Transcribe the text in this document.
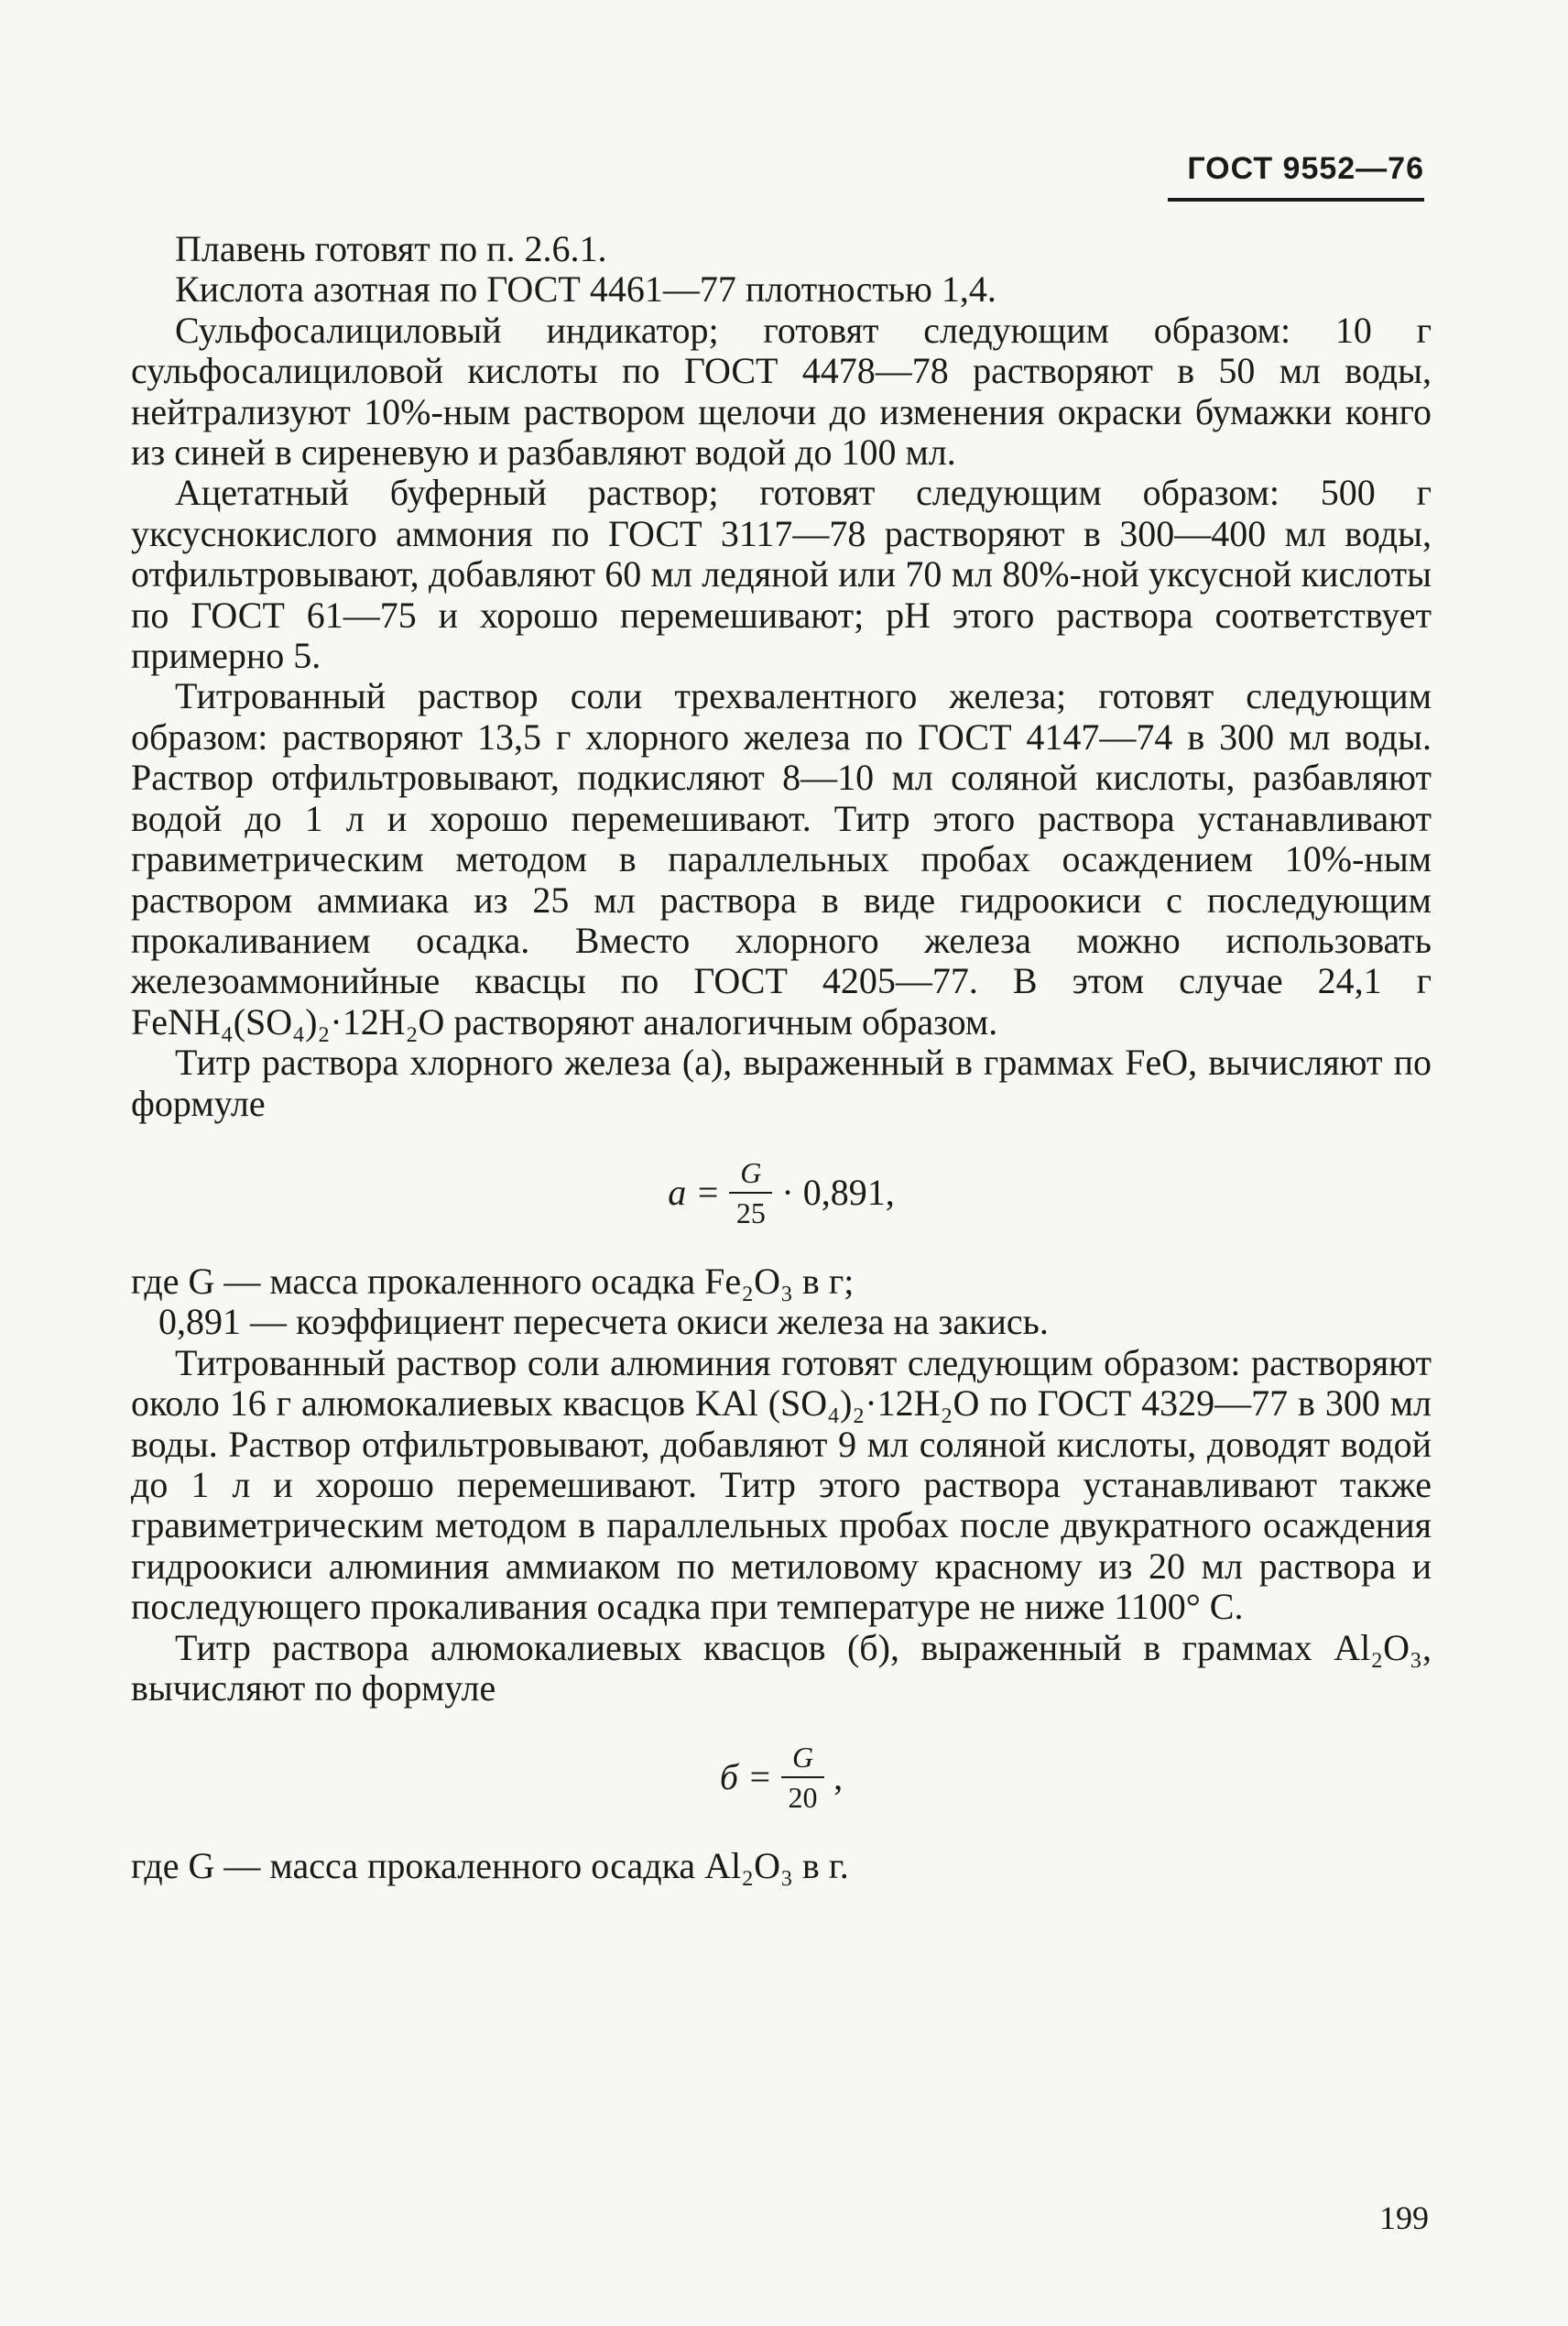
ГОСТ 9552—76

Плавень готовят по п. 2.6.1.

Кислота азотная по ГОСТ 4461—77 плотностью 1,4.

Сульфосалициловый индикатор; готовят следующим образом: 10 г сульфосалициловой кислоты по ГОСТ 4478—78 растворяют в 50 мл воды, нейтрализуют 10%-ным раствором щелочи до изменения окраски бумажки конго из синей в сиреневую и разбавляют водой до 100 мл.

Ацетатный буферный раствор; готовят следующим образом: 500 г уксуснокислого аммония по ГОСТ 3117—78 растворяют в 300—400 мл воды, отфильтровывают, добавляют 60 мл ледяной или 70 мл 80%-ной уксусной кислоты по ГОСТ 61—75 и хорошо перемешивают; pH этого раствора соответствует примерно 5.

Титрованный раствор соли трехвалентного железа; готовят следующим образом: растворяют 13,5 г хлорного железа по ГОСТ 4147—74 в 300 мл воды. Раствор отфильтровывают, подкисляют 8—10 мл соляной кислоты, разбавляют водой до 1 л и хорошо перемешивают. Титр этого раствора устанавливают гравиметрическим методом в параллельных пробах осаждением 10%-ным раствором аммиака из 25 мл раствора в виде гидроокиси с последующим прокаливанием осадка. Вместо хлорного железа можно использовать железоаммонийные квасцы по ГОСТ 4205—77. В этом случае 24,1 г FeNH₄(SO₄)₂·12H₂O растворяют аналогичным образом.

Титр раствора хлорного железа (а), выраженный в граммах FeO, вычисляют по формуле

$а = \frac{G}{25} \cdot 0,891$,

где G — масса прокаленного осадка Fe₂O₃ в г;

0,891 — коэффициент пересчета окиси железа на закись.

Титрованный раствор соли алюминия готовят следующим образом: растворяют около 16 г алюмокалиевых квасцов KAl (SO₄)₂·12H₂O по ГОСТ 4329—77 в 300 мл воды. Раствор отфильтровывают, добавляют 9 мл соляной кислоты, доводят водой до 1 л и хорошо перемешивают. Титр этого раствора устанавливают также гравиметрическим методом в параллельных пробах после двукратного осаждения гидроокиси алюминия аммиаком по метиловому красному из 20 мл раствора и последующего прокаливания осадка при температуре не ниже 1100° С.

Титр раствора алюмокалиевых квасцов (б), выраженный в граммах Al₂O₃, вычисляют по формуле

$б = \frac{G}{20}$ ,

где G — масса прокаленного осадка Al₂O₃ в г.

199
